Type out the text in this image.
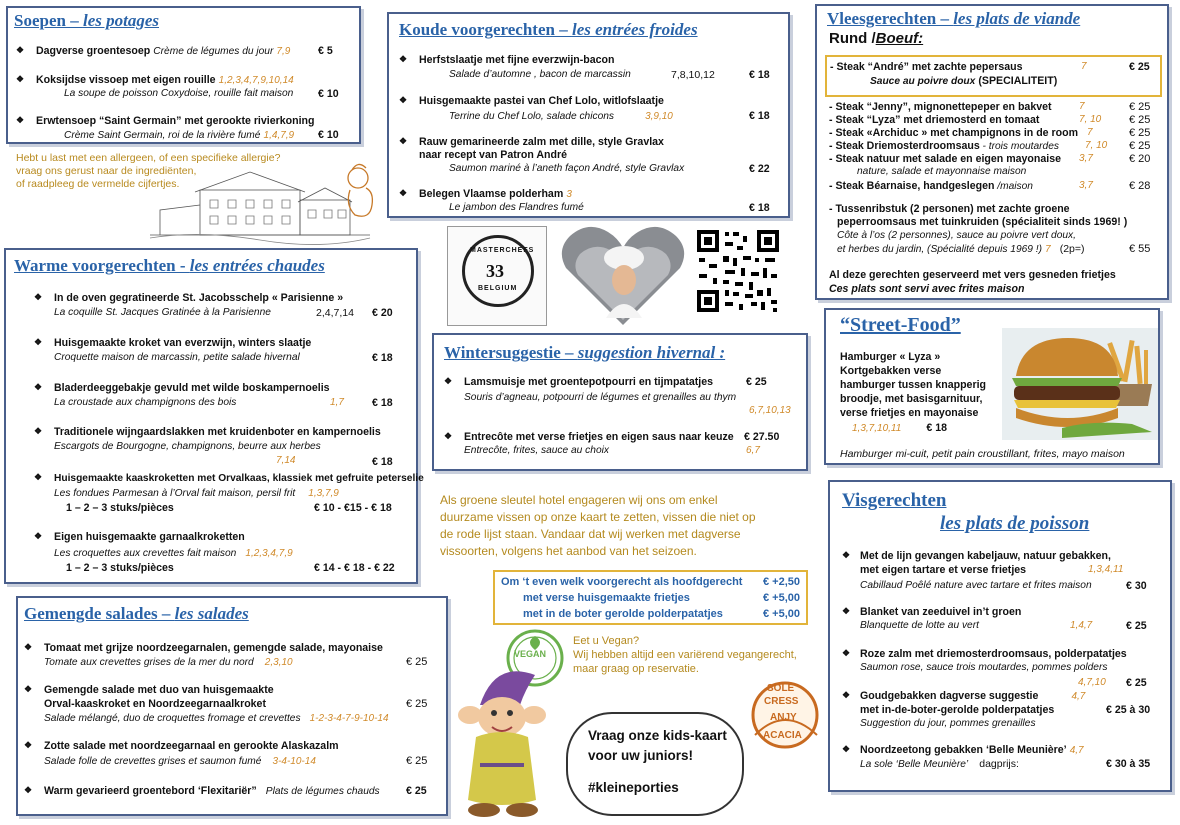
Soepen – les potages
❖ Dagverse groentesoep Crème de légumes du jour 7,9	€ 5
❖ Koksijdse vissoep met eigen rouille 1,2,3,4,7,9,10,14
La soupe de poisson Coxydoise, rouille fait maison € 10
❖ Erwtensoep “Saint Germain” met gerookte rivierkoning
Crème Saint Germain, roi de la rivière fumé 1,4,7,9 € 10
Hebt u last met een allergeen, of een specifieke allergie?
vraag ons gerust naar de ingrediënten,
of raadpleeg de vermelde cijfertjes.
Koude voorgerechten – les entrées froides
❖ Herfstslaatje met fijne everzwijn-bacon
Salade d’automne , bacon de marcassin	7,8,10,12	€ 18
❖ Huisgemaakte pastei van Chef Lolo, witlofslaatje
Terrine du Chef Lolo, salade chicons	3,9,10	€ 18
❖ Rauw gemarineerde zalm met dille, style Gravlax
naar recept van Patron André
Saumon mariné à l’aneth façon André, style Gravlax	€ 22
❖ Belegen Vlaamse polderham 3
Le jambon des Flandres fumé	€ 18
Vleesgerechten – les plats de viande
Rund /Boeuf:
- Steak “André” met zachte pepersaus	7	€ 25
Sauce au poivre doux (SPECIALITEIT)
- Steak “Jenny”, mignonettepeper en bakvet	7	€ 25
- Steak “Lyza” met driemosterd en tomaat	7, 10	€ 25
- Steak «Archiduc » met champignons in de room 7	€ 25
- Steak Driemosterdroomsaus - trois moutardes	7, 10 € 25
- Steak natuur met salade en eigen mayonaise 3,7	€ 20
nature, salade et mayonnaise maison
- Steak Béarnaise, handgeslegen /maison	3,7	€ 28
- Tussenribstuk (2 personen) met zachte groene
peperroomsaus met tuinkruiden (spécialiteit sinds 1969! )
Côte à l’os (2 personnes), sauce au poivre vert doux,
et herbes du jardin, (Spécialité depuis 1969 !) 7 (2p=)	€ 55
Al deze gerechten geserveerd met vers gesneden frietjes
Ces plats sont servi avec frites maison
Warme voorgerechten - les entrées chaudes
❖ In de oven gegratineerde St. Jacobsschelp « Parisienne »
La coquille St. Jacques Gratinée à la Parisienne	2,4,7,14 € 20
❖ Huisgemaakte kroket van everzwijn, winters slaatje
Croquette maison de marcassin, petite salade hivernal	€ 18
❖ Bladerdeeggebakje gevuld met wilde boskampernoelis
La croustade aux champignons des bois	1,7	€ 18
❖ Traditionele wijngaardslakken met kruidenboter en kampernoelis
Escargots de Bourgogne, champignons, beurre aux herbes
7,14	€ 18
❖ Huisgemaakte kaaskroketten met Orvalkaas, klassiek met gefruite peterselie
Les fondues Parmesan à l’Orval fait maison, persil frit 1,3,7,9
1 – 2 – 3 stuks/pièces	€ 10 - €15 - € 18
❖ Eigen huisgemaakte garnaalkroketten
Les croquettes aux crevettes fait maison 1,2,3,4,7,9
1 – 2 – 3 stuks/pièces	€ 14 - € 18 - € 22
MASTERCHEFS
33
BELGIUM
Wintersuggestie – suggestion hivernal :
❖ Lamsmuisje met groentepotpourri en tijmpatatjes	€ 25
Souris d’agneau, potpourri de légumes et grenailles au thym
6,7,10,13
❖ Entrecôte met verse frietjes en eigen saus naar keuze € 27.50
Entrecôte, frites, sauce au choix	6,7
Als groene sleutel hotel engageren wij ons om enkel
duurzame vissen op onze kaart te zetten, vissen die niet op
de rode lijst staan. Vandaar dat wij werken met dagverse
vissoorten, volgens het aanbod van het seizoen.
Om ‘t even welk voorgerecht als hoofdgerecht € +2,50
met verse huisgemaakte frietjes	€ +5,00
met in de boter gerolde polderpatatjes	€ +5,00
VEGAN
Eet u Vegan?
Wij hebben altijd een variërend vegangerecht,
maar graag op reservatie.
Vraag onze kids-kaart
voor uw juniors!
#kleineporties
Gemengde salades – les salades
❖ Tomaat met grijze noordzeegarnalen, gemengde salade, mayonaise
Tomate aux crevettes grises de la mer du nord 2,3,10	€ 25
❖ Gemengde salade met duo van huisgemaakte
Orval-kaaskroket en Noordzeegarnaalkroket	€ 25
Salade mélangé, duo de croquettes fromage et crevettes 1-2-3-4-7-9-10-14
❖ Zotte salade met noordzeegarnaal en gerookte Alaskazalm
Salade folle de crevettes grises et saumon fumé 3-4-10-14	€ 25
❖ Warm gevarieerd groentebord ‘Flexitariër” Plats de légumes chauds € 25
“Street-Food”
Hamburger « Lyza »
Kortgebakken verse
hamburger tussen knapperig
broodje, met basisgarnituur,
verse frietjes en mayonaise
1,3,7,10,11 € 18
Hamburger mi-cuit, petit pain croustillant, frites, mayo maison
SOLE
CRESS
ANJY
ACACIA
Visgerechten
les plats de poisson
❖ Met de lijn gevangen kabeljauw, natuur gebakken,
met eigen tartare et verse frietjes	1,3,4,11
Cabillaud Poêlé nature avec tartare et frites maison	€ 30
❖ Blanket van zeeduivel in’t groen
Blanquette de lotte au vert	1,4,7	€ 25
❖ Roze zalm met driemosterdroomsaus, polderpatatjes
Saumon rose, sauce trois moutardes, pommes polders
4,7,10 € 25
❖ Goudgebakken dagverse suggestie	4,7
met in-de-boter-gerolde polderpatatjes	€ 25 à 30
Suggestion du jour, pommes grenailles
❖ Noordzeetong gebakken ‘Belle Meunière’ 4,7
La sole ‘Belle Meunière’ dagprijs:	€ 30 à 35
